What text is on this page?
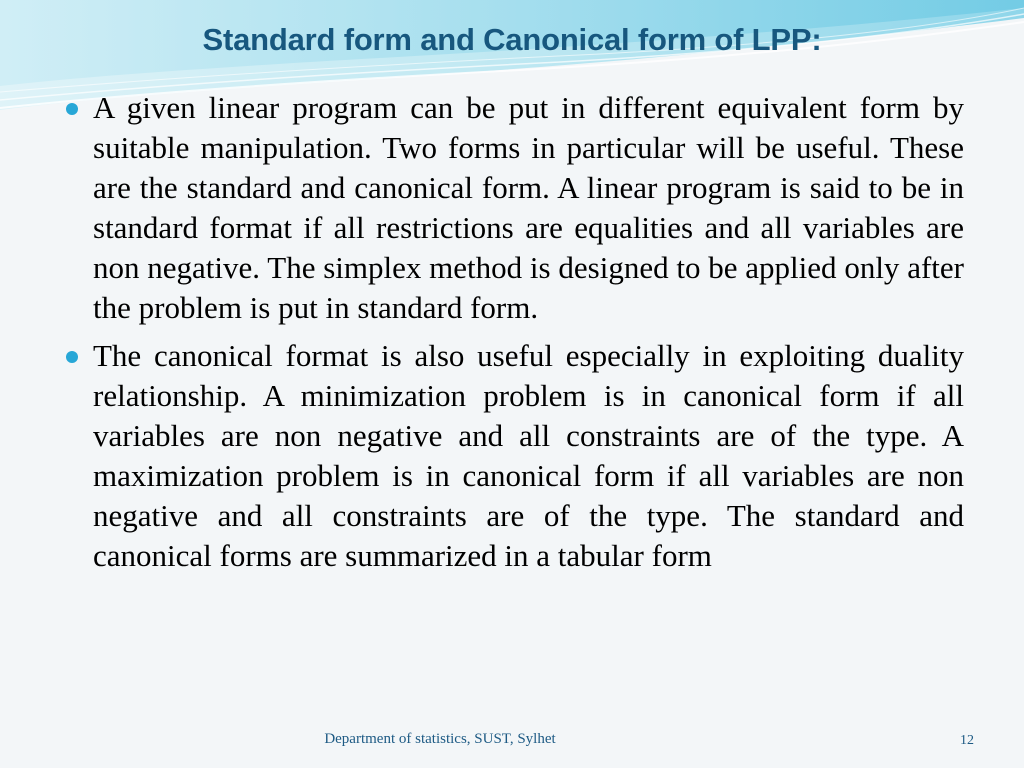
Standard form and Canonical form of LPP:
A given linear program can be put in different equivalent form by suitable manipulation. Two forms in particular will be useful. These are the standard and canonical form. A linear program is said to be in standard format if all restrictions are equalities and all variables are non negative. The simplex method is designed to be applied only after the problem is put in standard form.
The canonical format is also useful especially in exploiting duality relationship. A minimization problem is in canonical form if all variables are non negative and all constraints are of the type. A maximization problem is in canonical form if all variables are non negative and all constraints are of the type. The standard and canonical forms are summarized in a tabular form
Department of statistics, SUST, Sylhet	12
